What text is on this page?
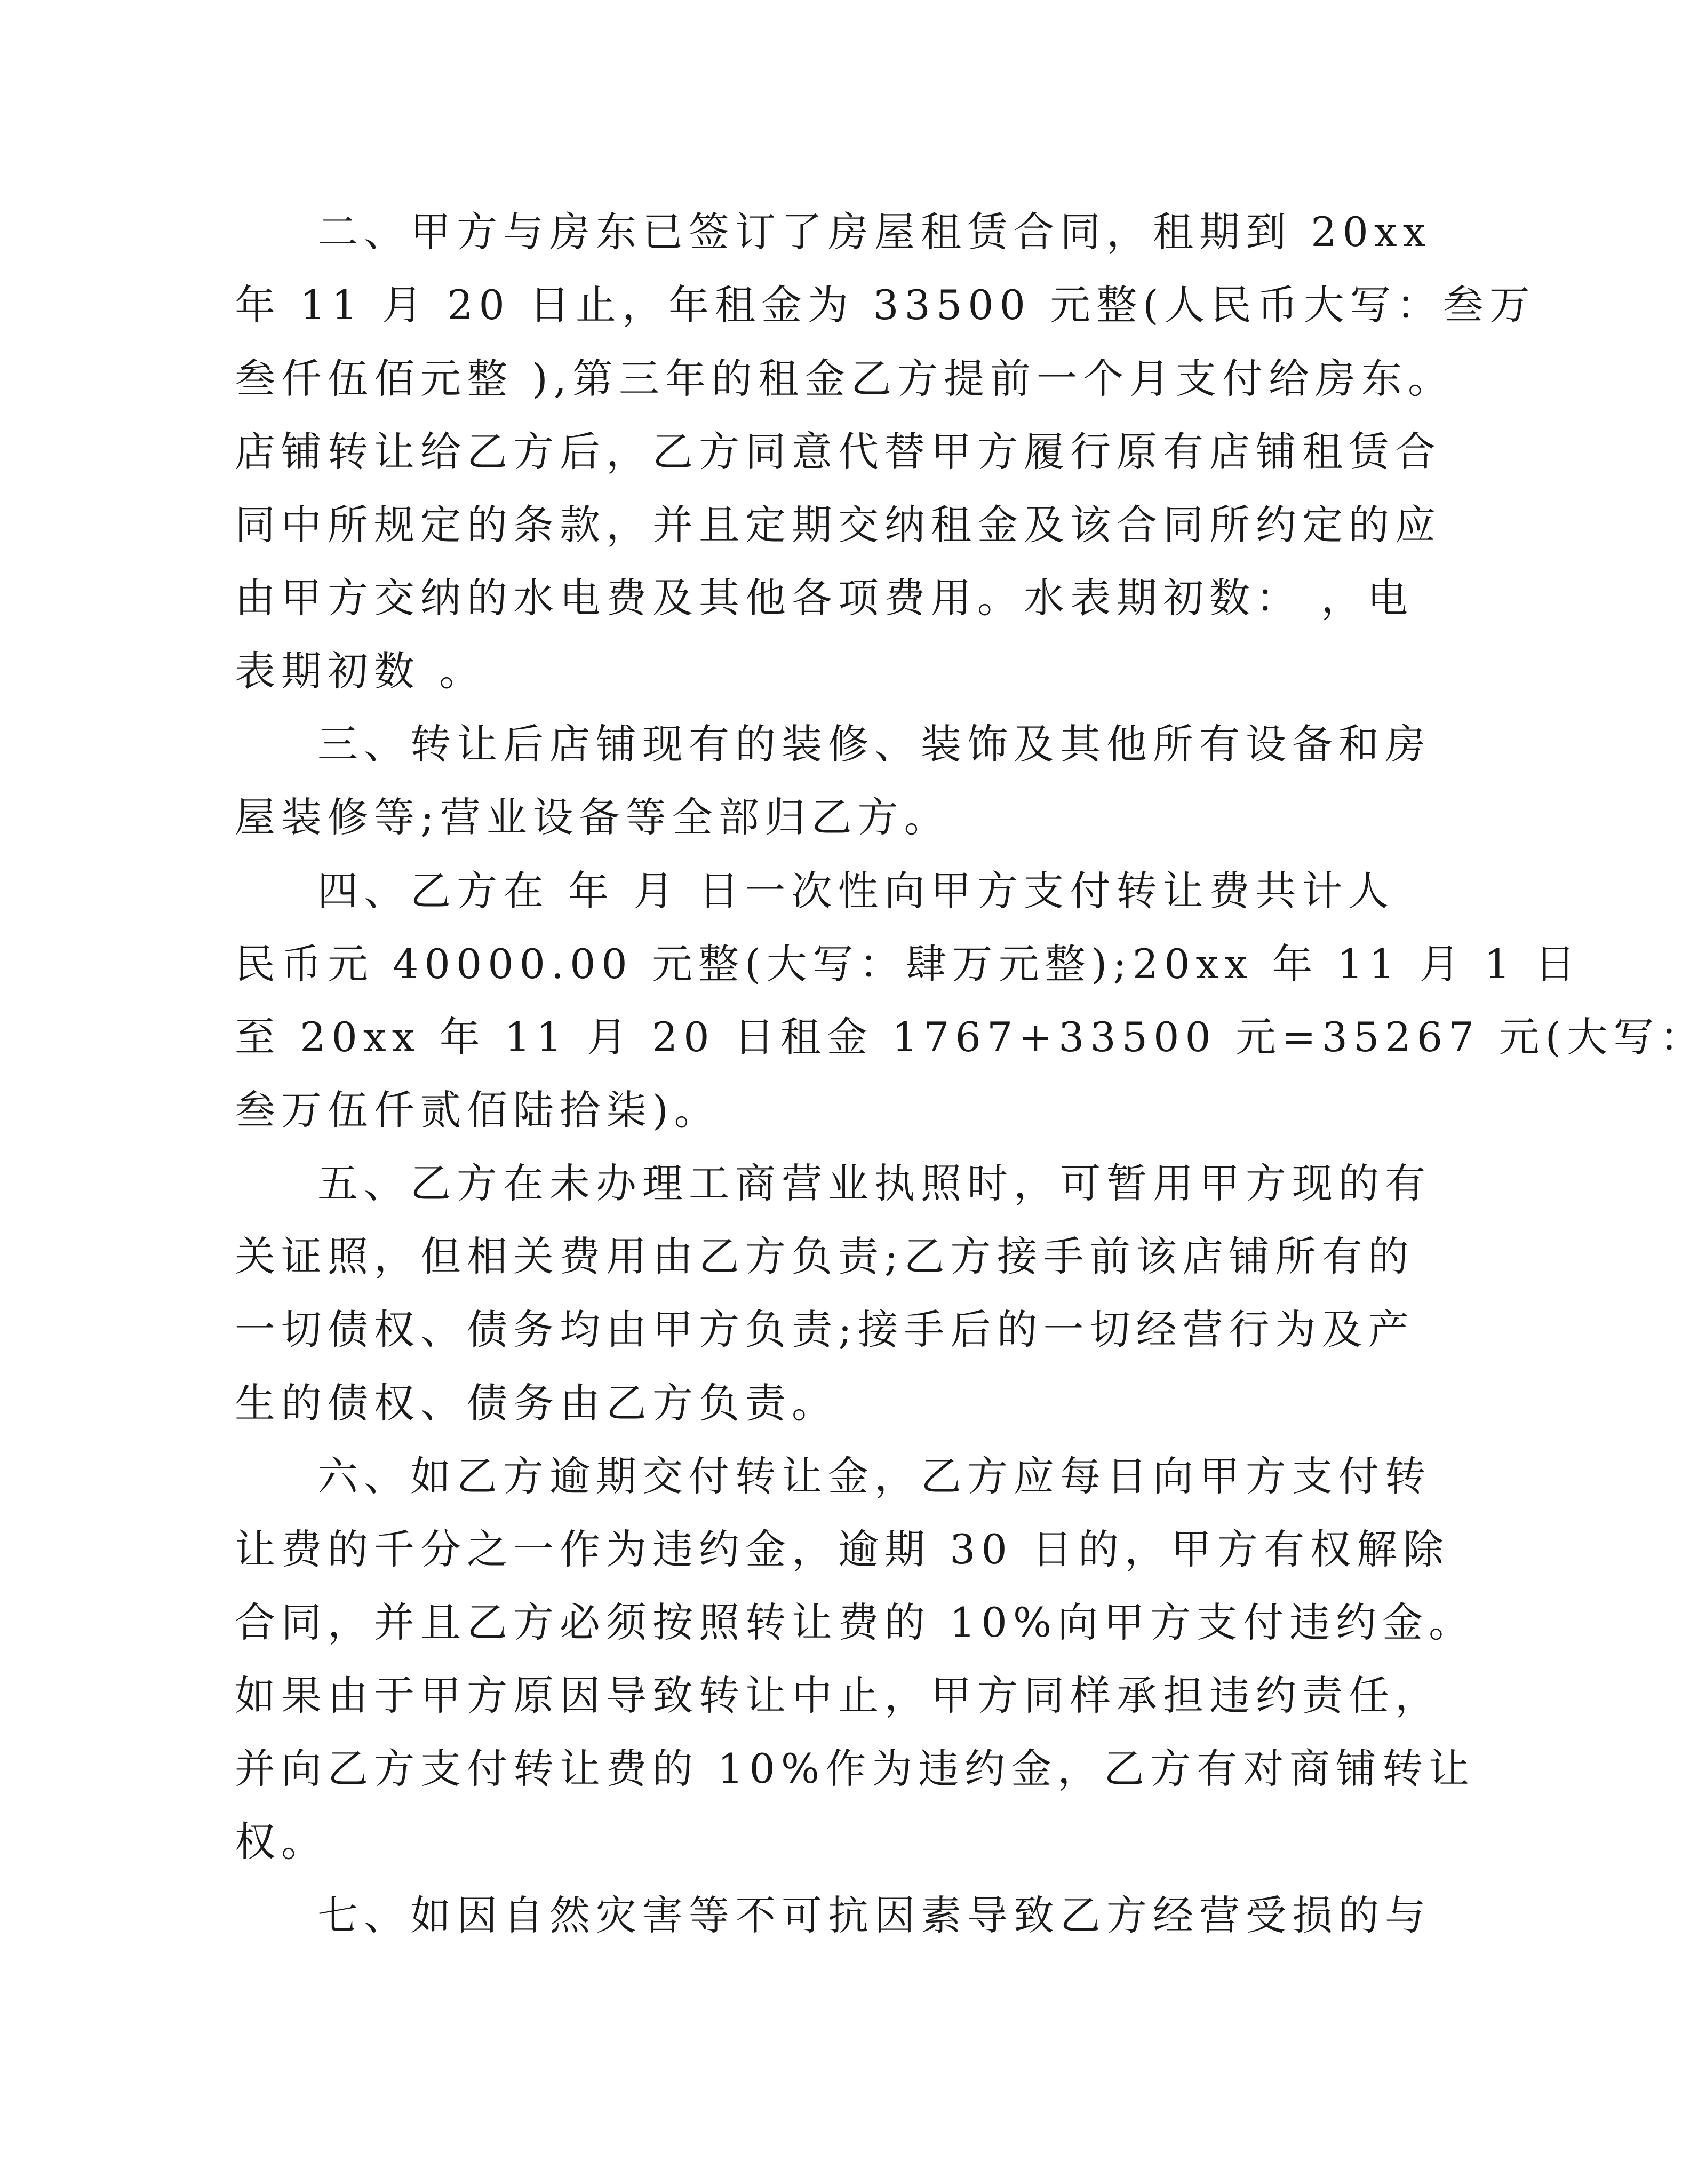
二、甲方与房东已签订了房屋租赁合同，租期到 20xx
年 11 月 20 日止，年租金为 33500 元整(人民币大写：叁万
叁仟伍佰元整 ),第三年的租金乙方提前一个月支付给房东。
店铺转让给乙方后，乙方同意代替甲方履行原有店铺租赁合
同中所规定的条款，并且定期交纳租金及该合同所约定的应
由甲方交纳的水电费及其他各项费用。水表期初数： ，电
表期初数 。
三、转让后店铺现有的装修、装饰及其他所有设备和房
屋装修等;营业设备等全部归乙方。
四、乙方在 年 月 日一次性向甲方支付转让费共计人
民币元 40000.00 元整(大写：肆万元整);20xx 年 11 月 1 日
至 20xx 年 11 月 20 日租金 1767+33500 元=35267 元(大写：
叁万伍仟贰佰陆拾柒)。
五、乙方在未办理工商营业执照时，可暂用甲方现的有
关证照，但相关费用由乙方负责;乙方接手前该店铺所有的
一切债权、债务均由甲方负责;接手后的一切经营行为及产
生的债权、债务由乙方负责。
六、如乙方逾期交付转让金，乙方应每日向甲方支付转
让费的千分之一作为违约金，逾期 30 日的，甲方有权解除
合同，并且乙方必须按照转让费的 10%向甲方支付违约金。
如果由于甲方原因导致转让中止，甲方同样承担违约责任，
并向乙方支付转让费的 10%作为违约金，乙方有对商铺转让
权。
七、如因自然灾害等不可抗因素导致乙方经营受损的与
